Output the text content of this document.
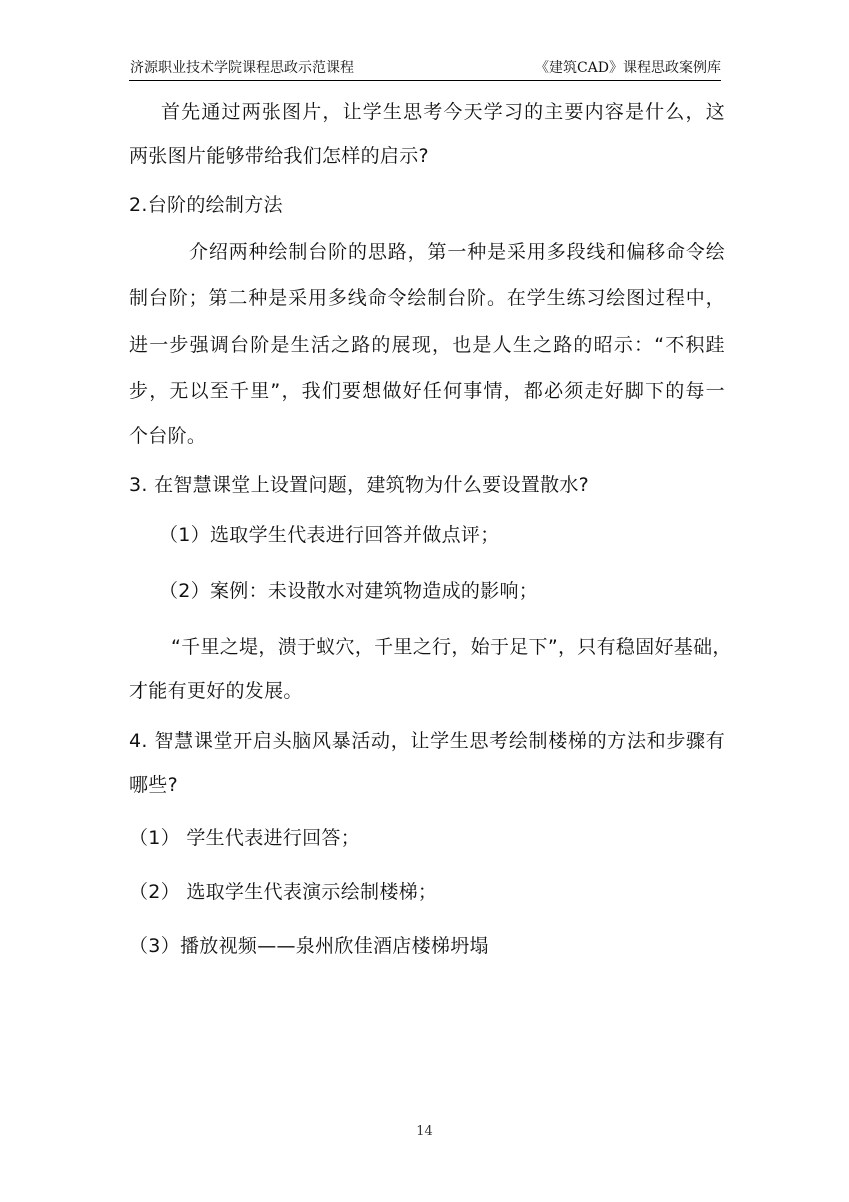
济源职业技术学院课程思政示范课程	《建筑CAD》课程思政案例库
首先通过两张图片，让学生思考今天学习的主要内容是什么，这
两张图片能够带给我们怎样的启示?
2.台阶的绘制方法
介绍两种绘制台阶的思路，第一种是采用多段线和偏移命令绘
制台阶；第二种是采用多线命令绘制台阶。在学生练习绘图过程中，
进一步强调台阶是生活之路的展现，也是人生之路的昭示：“不积跬
步，无以至千里”，我们要想做好任何事情，都必须走好脚下的每一
个台阶。
3. 在智慧课堂上设置问题，建筑物为什么要设置散水?
（1）选取学生代表进行回答并做点评；
（2）案例：未设散水对建筑物造成的影响；
“千里之堤，溃于蚁穴，千里之行，始于足下”，只有稳固好基础，
才能有更好的发展。
4. 智慧课堂开启头脑风暴活动，让学生思考绘制楼梯的方法和步骤有
哪些?
（1） 学生代表进行回答；
（2） 选取学生代表演示绘制楼梯；
（3）播放视频——泉州欣佳酒店楼梯坍塌
14
